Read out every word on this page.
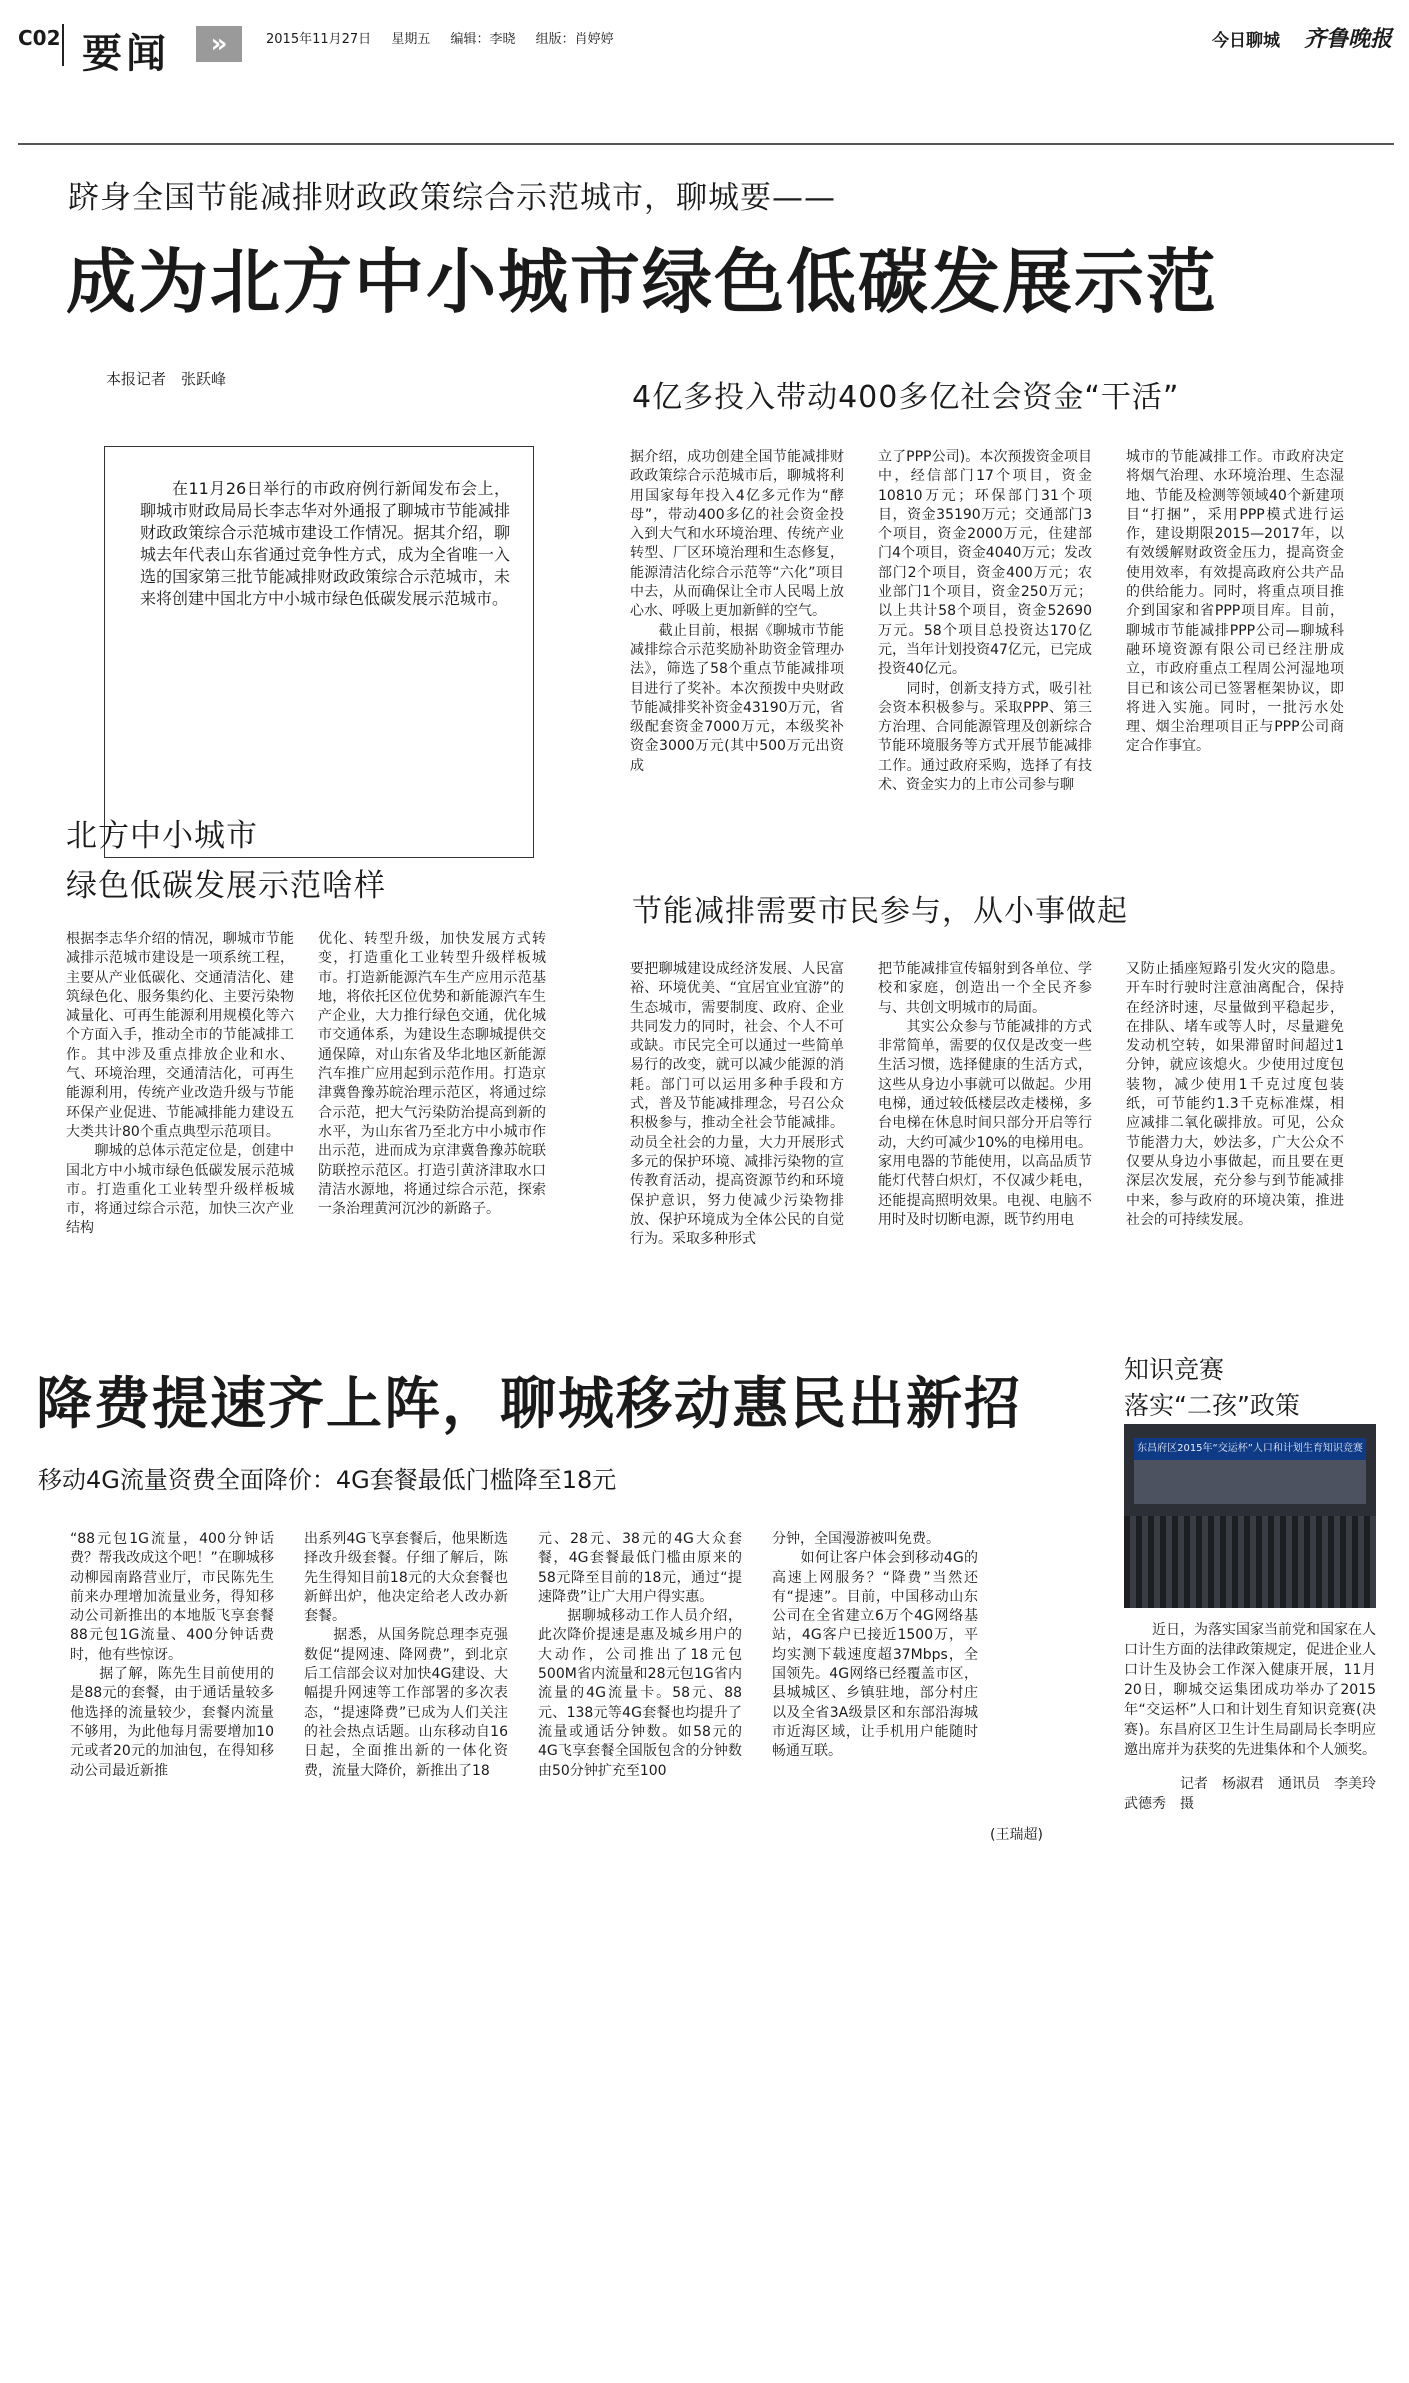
C02 要闻	»	2015年11月27日 星期五 编辑：李晓 组版：肖婷婷	今日聊城 齐鲁晚报
跻身全国节能减排财政政策综合示范城市，聊城要——
成为北方中小城市绿色低碳发展示范
本报记者　张跃峰
在11月26日举行的市政府例行新闻发布会上，聊城市财政局局长李志华对外通报了聊城市节能减排财政政策综合示范城市建设工作情况。据其介绍，聊城去年代表山东省通过竞争性方式，成为全省唯一入选的国家第三批节能减排财政政策综合示范城市，未来将创建中国北方中小城市绿色低碳发展示范城市。
4亿多投入带动400多亿社会资金“干活”
据介绍，成功创建全国节能减排财政政策综合示范城市后，聊城将利用国家每年投入4亿多元作为“酵母”，带动400多亿的社会资金投入到大气和水环境治理、传统产业转型、厂区环境治理和生态修复，能源清洁化综合示范等“六化”项目中去，从而确保让全市人民喝上放心水、呼吸上更加新鲜的空气。
　　截止目前，根据《聊城市节能减排综合示范奖励补助资金管理办法》，筛选了58个重点节能减排项目进行了奖补。本次预拨中央财政节能减排奖补资金43190万元，省级配套资金7000万元，本级奖补资金3000万元(其中500万元出资成
立了PPP公司)。本次预拨资金项目中，经信部门17个项目，资金10810万元；环保部门31个项目，资金35190万元；交通部门3个项目，资金2000万元，住建部门4个项目，资金4040万元；发改部门2个项目，资金400万元；农业部门1个项目，资金250万元；以上共计58个项目，资金52690万元。58个项目总投资达170亿元，当年计划投资47亿元，已完成投资40亿元。
　　同时，创新支持方式，吸引社会资本积极参与。采取PPP、第三方治理、合同能源管理及创新综合节能环境服务等方式开展节能减排工作。通过政府采购，选择了有技术、资金实力的上市公司参与聊
城市的节能减排工作。市政府决定将烟气治理、水环境治理、生态湿地、节能及检测等领域40个新建项目“打捆”，采用PPP模式进行运作，建设期限2015—2017年，以有效缓解财政资金压力，提高资金使用效率，有效提高政府公共产品的供给能力。同时，将重点项目推介到国家和省PPP项目库。目前，聊城市节能减排PPP公司—聊城科融环境资源有限公司已经注册成立，市政府重点工程周公河湿地项目已和该公司已签署框架协议，即将进入实施。同时，一批污水处理、烟尘治理项目正与PPP公司商定合作事宜。
北方中小城市
绿色低碳发展示范啥样
根据李志华介绍的情况，聊城市节能减排示范城市建设是一项系统工程，主要从产业低碳化、交通清洁化、建筑绿色化、服务集约化、主要污染物减量化、可再生能源利用规模化等六个方面入手，推动全市的节能减排工作。其中涉及重点排放企业和水、气、环境治理，交通清洁化，可再生能源利用，传统产业改造升级与节能环保产业促进、节能减排能力建设五大类共计80个重点典型示范项目。
　　聊城的总体示范定位是，创建中国北方中小城市绿色低碳发展示范城市。打造重化工业转型升级样板城市，将通过综合示范，加快三次产业结构
优化、转型升级，加快发展方式转变，打造重化工业转型升级样板城市。打造新能源汽车生产应用示范基地，将依托区位优势和新能源汽车生产企业，大力推行绿色交通，优化城市交通体系，为建设生态聊城提供交通保障，对山东省及华北地区新能源汽车推广应用起到示范作用。打造京津冀鲁豫苏皖治理示范区，将通过综合示范，把大气污染防治提高到新的水平，为山东省乃至北方中小城市作出示范，进而成为京津冀鲁豫苏皖联防联控示范区。打造引黄济津取水口清洁水源地，将通过综合示范，探索一条治理黄河沉沙的新路子。
节能减排需要市民参与，从小事做起
要把聊城建设成经济发展、人民富裕、环境优美、“宜居宜业宜游”的生态城市，需要制度、政府、企业共同发力的同时，社会、个人不可或缺。市民完全可以通过一些简单易行的改变，就可以减少能源的消耗。部门可以运用多种手段和方式，普及节能减排理念，号召公众积极参与，推动全社会节能减排。动员全社会的力量，大力开展形式多元的保护环境、减排污染物的宣传教育活动，提高资源节约和环境保护意识，努力使减少污染物排放、保护环境成为全体公民的自觉行为。采取多种形式
把节能减排宣传辐射到各单位、学校和家庭，创造出一个全民齐参与、共创文明城市的局面。
　　其实公众参与节能减排的方式非常简单，需要的仅仅是改变一些生活习惯，选择健康的生活方式，这些从身边小事就可以做起。少用电梯，通过较低楼层改走楼梯，多台电梯在休息时间只部分开启等行动，大约可减少10%的电梯用电。家用电器的节能使用，以高品质节能灯代替白炽灯，不仅减少耗电，还能提高照明效果。电视、电脑不用时及时切断电源，既节约用电
又防止插座短路引发火灾的隐患。开车时行驶时注意油离配合，保持在经济时速，尽量做到平稳起步，在排队、堵车或等人时，尽量避免发动机空转，如果滞留时间超过1分钟，就应该熄火。少使用过度包装物，减少使用1千克过度包装纸，可节能约1.3千克标准煤，相应减排二氧化碳排放。可见，公众节能潜力大，妙法多，广大公众不仅要从身边小事做起，而且要在更深层次发展，充分参与到节能减排中来，参与政府的环境决策，推进社会的可持续发展。
降费提速齐上阵，聊城移动惠民出新招
移动4G流量资费全面降价：4G套餐最低门槛降至18元
“88元包1G流量，400分钟话费？帮我改成这个吧！”在聊城移动柳园南路营业厅，市民陈先生前来办理增加流量业务，得知移动公司新推出的本地版飞享套餐88元包1G流量、400分钟话费时，他有些惊讶。
　　据了解，陈先生目前使用的是88元的套餐，由于通话量较多他选择的流量较少，套餐内流量不够用，为此他每月需要增加10元或者20元的加油包，在得知移动公司最近新推
出系列4G飞享套餐后，他果断选择改升级套餐。仔细了解后，陈先生得知目前18元的大众套餐也新鲜出炉，他决定给老人改办新套餐。
　　据悉，从国务院总理李克强数促“提网速、降网费”，到北京后工信部会议对加快4G建设、大幅提升网速等工作部署的多次表态，“提速降费”已成为人们关注的社会热点话题。山东移动自16日起，全面推出新的一体化资费，流量大降价，新推出了18
元、28元、38元的4G大众套餐，4G套餐最低门槛由原来的58元降至目前的18元，通过“提速降费”让广大用户得实惠。
　　据聊城移动工作人员介绍，此次降价提速是惠及城乡用户的大动作，公司推出了18元包500M省内流量和28元包1G省内流量的4G流量卡。58元、88元、138元等4G套餐也均提升了流量或通话分钟数。如58元的4G飞享套餐全国版包含的分钟数由50分钟扩充至100
分钟，全国漫游被叫免费。
　　如何让客户体会到移动4G的高速上网服务？“降费”当然还有“提速”。目前，中国移动山东公司在全省建立6万个4G网络基站，4G客户已接近1500万，平均实测下载速度超37Mbps，全国领先。4G网络已经覆盖市区，县城城区、乡镇驻地，部分村庄以及全省3A级景区和东部沿海城市近海区域，让手机用户能随时畅通互联。
(王瑞超)
知识竞赛
落实“二孩”政策
东昌府区2015年“交运杯”人口和计划生育知识竞赛
近日，为落实国家当前党和国家在人口计生方面的法律政策规定，促进企业人口计生及协会工作深入健康开展，11月20日，聊城交运集团成功举办了2015年“交运杯”人口和计划生育知识竞赛(决赛)。东昌府区卫生计生局副局长李明应邀出席并为获奖的先进集体和个人颁奖。
记者　杨淑君　通讯员　李美玲　武德秀　摄
